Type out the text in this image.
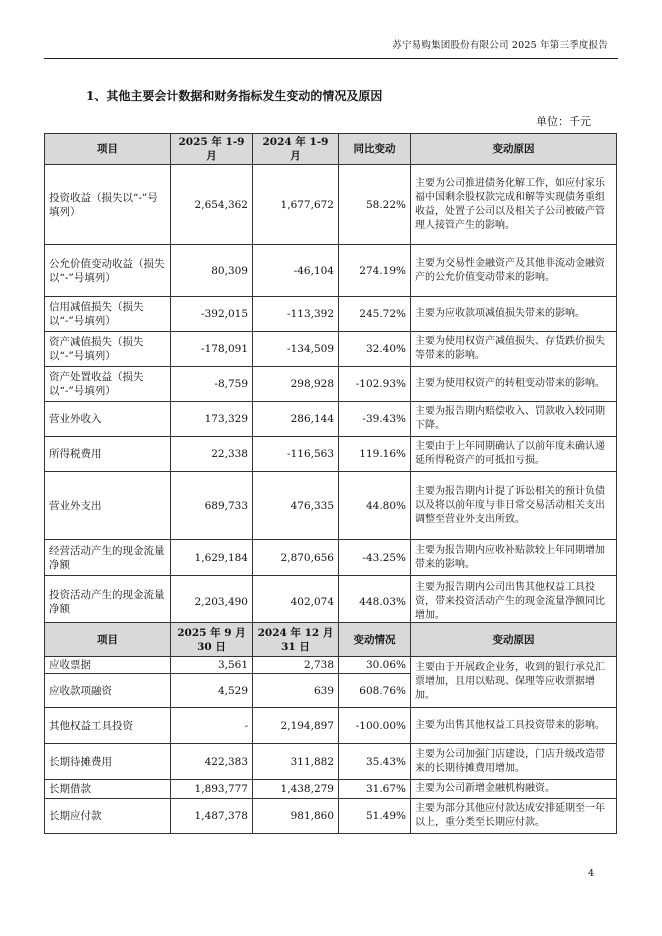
苏宁易购集团股份有限公司 2025 年第三季度报告
1、其他主要会计数据和财务指标发生变动的情况及原因
单位：千元
项目	2025 年 1-9 月	2024 年 1-9 月	同比变动	变动原因
投资收益（损失以“-”号填列）	2,654,362	1,677,672	58.22%	主要为公司推进债务化解工作，如应付家乐福中国剩余股权款完成和解等实现债务重组收益，处置子公司以及相关子公司被破产管理人接管产生的影响。
公允价值变动收益（损失以“-”号填列）	80,309	-46,104	274.19%	主要为交易性金融资产及其他非流动金融资产的公允价值变动带来的影响。
信用减值损失（损失以“-”号填列）	-392,015	-113,392	245.72%	主要为应收款项减值损失带来的影响。
资产减值损失（损失以“-”号填列）	-178,091	-134,509	32.40%	主要为使用权资产减值损失、存货跌价损失等带来的影响。
资产处置收益（损失以“-”号填列）	-8,759	298,928	-102.93%	主要为使用权资产的转租变动带来的影响。
营业外收入	173,329	286,144	-39.43%	主要为报告期内赔偿收入、罚款收入较同期下降。
所得税费用	22,338	-116,563	119.16%	主要由于上年同期确认了以前年度未确认递延所得税资产的可抵扣亏损。
营业外支出	689,733	476,335	44.80%	主要为报告期内计提了诉讼相关的预计负债以及将以前年度与非日常交易活动相关支出调整至营业外支出所致。
经营活动产生的现金流量净额	1,629,184	2,870,656	-43.25%	主要为报告期内应收补贴款较上年同期增加带来的影响。
投资活动产生的现金流量净额	2,203,490	402,074	448.03%	主要为报告期内公司出售其他权益工具投资，带来投资活动产生的现金流量净额同比增加。
项目	2025 年 9 月 30 日	2024 年 12 月 31 日	变动情况	变动原因
应收票据	3,561	2,738	30.06%	主要由于开展政企业务，收到的银行承兑汇票增加，且用以贴现、保理等应收票据增加。
应收款项融资	4,529	639	608.76%	
其他权益工具投资	-	2,194,897	-100.00%	主要为出售其他权益工具投资带来的影响。
长期待摊费用	422,383	311,882	35.43%	主要为公司加强门店建设，门店升级改造带来的长期待摊费用增加。
长期借款	1,893,777	1,438,279	31.67%	主要为公司新增金融机构融资。
长期应付款	1,487,378	981,860	51.49%	主要为部分其他应付款达成安排延期至一年以上，重分类至长期应付款。
4
